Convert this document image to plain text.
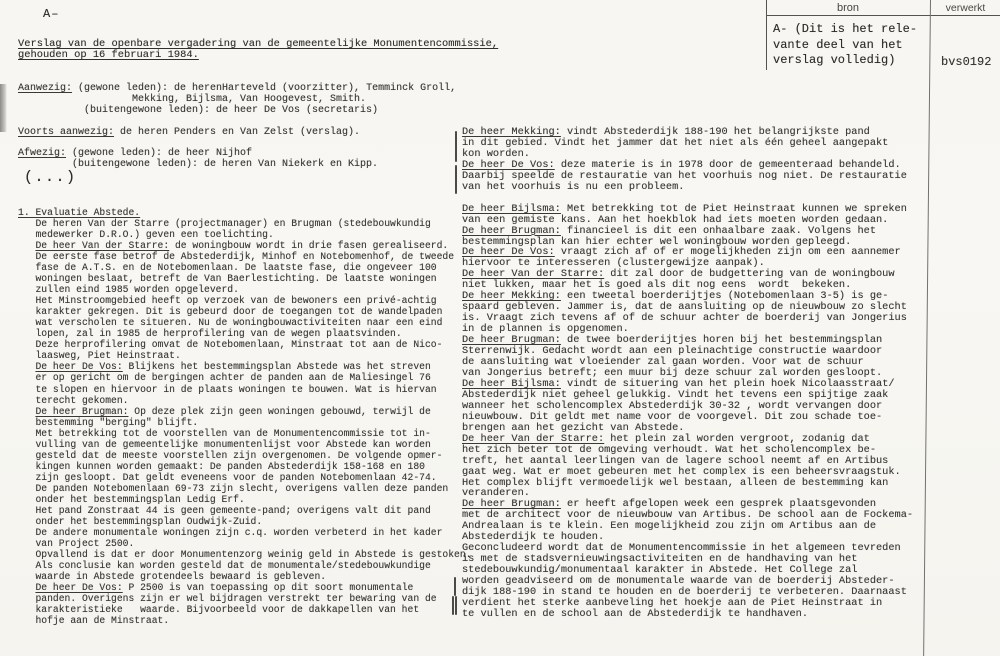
A–	bron	verwerkt
A- (Dit is het rele-
vante deel van het
verslag volledig)	bvs0192
Verslag van de openbare vergadering van de gemeentelijke Monumentencommissie,
gehouden op 16 februari 1984.
Aanwezig: (gewone leden): de herenHarteveld (voorzitter), Temminck Groll,
Mekking, Bijlsma, Van Hoogevest, Smith.
(buitengewone leden): de heer De Vos (secretaris)
Voorts aanwezig: de heren Penders en Van Zelst (verslag).
Afwezig: (gewone leden): de heer Nijhof
(buitengewone leden): de heren Van Niekerk en Kipp.
(...)
1. Evaluatie Abstede.
De heren Van der Starre (projectmanager) en Brugman (stedebouwkundig
medewerker D.R.O.) geven een toelichting.
De heer Van der Starre: de woningbouw wordt in drie fasen gerealiseerd.
De eerste fase betrof de Abstederdijk, Minhof en Notebomenhof, de tweede
fase de A.T.S. en de Notebomenlaan. De laatste fase, die ongeveer 100
woningen beslaat, betreft de Van Baerlestichting. De laatste woningen
zullen eind 1985 worden opgeleverd.
Het Minstroomgebied heeft op verzoek van de bewoners een privé-achtig
karakter gekregen. Dit is gebeurd door de toegangen tot de wandelpaden
wat verscholen te situeren. Nu de woningbouwactiviteiten naar een eind
lopen, zal in 1985 de herprofilering van de wegen plaatsvinden.
Deze herprofilering omvat de Notebomenlaan, Minstraat tot aan de Nico-
laasweg, Piet Heinstraat.
De heer De Vos: Blijkens het bestemmingsplan Abstede was het streven
er op gericht om de bergingen achter de panden aan de Maliesingel 76
te slopen en hiervoor in de plaats woningen te bouwen. Wat is hiervan
terecht gekomen.
De heer Brugman: Op deze plek zijn geen woningen gebouwd, terwijl de
bestemming "berging" blijft.
Met betrekking tot de voorstellen van de Monumentencommissie tot in-
vulling van de gemeentelijke monumentenlijst voor Abstede kan worden
gesteld dat de meeste voorstellen zijn overgenomen. De volgende opmer-
kingen kunnen worden gemaakt: De panden Abstederdijk 158-168 en 180
zijn gesloopt. Dat geldt eveneens voor de panden Notebomenlaan 42-74.
De panden Notebomenlaan 69-73 zijn slecht, overigens vallen deze panden
onder het bestemmingsplan Ledig Erf.
Het pand Zonstraat 44 is geen gemeente-pand; overigens valt dit pand
onder het bestemmingsplan Oudwijk-Zuid.
De andere monumentale woningen zijn c.q. worden verbeterd in het kader
van Project 2500.
Opvallend is dat er door Monumentenzorg weinig geld in Abstede is gestoken.
Als conclusie kan worden gesteld dat de monumentale/stedebouwkundige
waarde in Abstede grotendeels bewaard is gebleven.
De heer De Vos: P 2500 is van toepassing op dit soort monumentale
panden. Overigens zijn er wel bijdragen verstrekt ter bewaring van de
karakteristieke   waarde. Bijvoorbeeld voor de dakkapellen van het
hofje aan de Minstraat.
De heer Mekking: vindt Abstederdijk 188-190 het belangrijkste pand
in dit gebied. Vindt het jammer dat het niet als één geheel aangepakt
kon worden.
De heer De Vos: deze materie is in 1978 door de gemeenteraad behandeld.
Daarbij speelde de restauratie van het voorhuis nog niet. De restauratie
van het voorhuis is nu een probleem.

De heer Bijlsma: Met betrekking tot de Piet Heinstraat kunnen we spreken
van een gemiste kans. Aan het hoekblok had iets moeten worden gedaan.
De heer Brugman: financieel is dit een onhaalbare zaak. Volgens het
bestemmingsplan kan hier echter wel woningbouw worden gepleegd.
De heer De Vos: vraagt zich af of er mogelijkheden zijn om een aannemer
hiervoor te interesseren (clustergewijze aanpak).
De heer Van der Starre: dit zal door de budgettering van de woningbouw
niet lukken, maar het is goed als dit nog eens  wordt  bekeken.
De heer Mekking: een tweetal boerderijtjes (Notebomenlaan 3-5) is ge-
spaard gebleven. Jammer is, dat de aansluiting op de nieuwbouw zo slecht
is. Vraagt zich tevens af of de schuur achter de boerderij van Jongerius
in de plannen is opgenomen.
De heer Brugman: de twee boerderijtjes horen bij het bestemmingsplan
Sterrenwijk. Gedacht wordt aan een pleinachtige constructie waardoor
de aansluiting wat vloeiender zal gaan worden. Voor wat de schuur
van Jongerius betreft; een muur bij deze schuur zal worden gesloopt.
De heer Bijlsma: vindt de situering van het plein hoek Nicolaasstraat/
Abstederdijk niet geheel gelukkig. Vindt het tevens een spijtige zaak
wanneer het scholencomplex Abstederdijk 30-32 , wordt vervangen door
nieuwbouw. Dit geldt met name voor de voorgevel. Dit zou schade toe-
brengen aan het gezicht van Abstede.
De heer Van der Starre: het plein zal worden vergroot, zodanig dat
het zich beter tot de omgeving verhoudt. Wat het scholencomplex be-
treft, het aantal leerlingen van de lagere school neemt af en Artibus
gaat weg. Wat er moet gebeuren met het complex is een beheersvraagstuk.
Het complex blijft vermoedelijk wel bestaan, alleen de bestemming kan
veranderen.
De heer Brugman: er heeft afgelopen week een gesprek plaatsgevonden
met de architect voor de nieuwbouw van Artibus. De school aan de Fockema-
Andrealaan is te klein. Een mogelijkheid zou zijn om Artibus aan de
Abstederdijk te houden.
Geconcludeerd wordt dat de Monumentencommissie in het algemeen tevreden
is met de stadsvernieuwingsactiviteiten en de handhaving van het
stedebouwkundig/monumentaal karakter in Abstede. Het College zal
worden geadviseerd om de monumentale waarde van de boerderij Absteder-
dijk 188-190 in stand te houden en de boerderij te verbeteren. Daarnaast
verdient het sterke aanbeveling het hoekje aan de Piet Heinstraat in
te vullen en de school aan de Abstederdijk te handhaven.
